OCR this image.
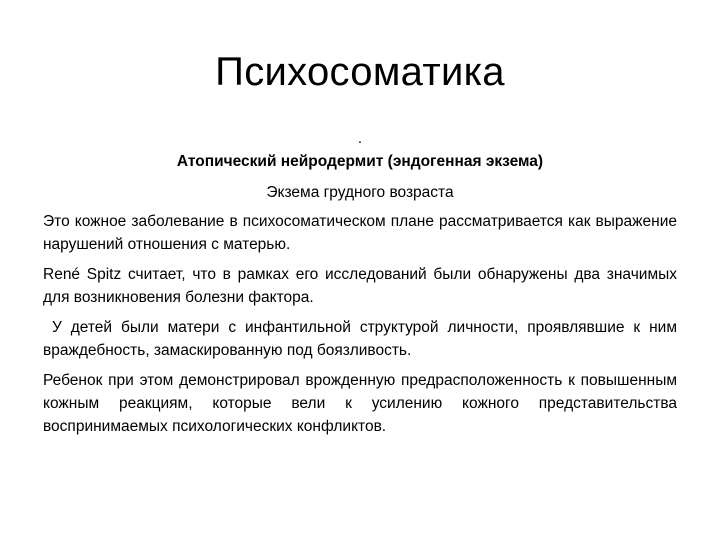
Психосоматика
.
Атопический нейродермит (эндогенная экзема)
Экзема грудного возраста

Это кожное заболевание в психосоматическом плане рассматривается как выражение нарушений отношения с матерью.

René Spitz считает, что в рамках его исследований были обнаружены два значимых для возникновения болезни фактора.

У детей были матери с инфантильной структурой личности, проявлявшие к ним враждебность, замаскированную под боязливость.

Ребенок при этом демонстрировал врожденную предрасположенность к повышенным кожным реакциям, которые вели к усилению кожного представительства воспринимаемых психологических конфликтов.
